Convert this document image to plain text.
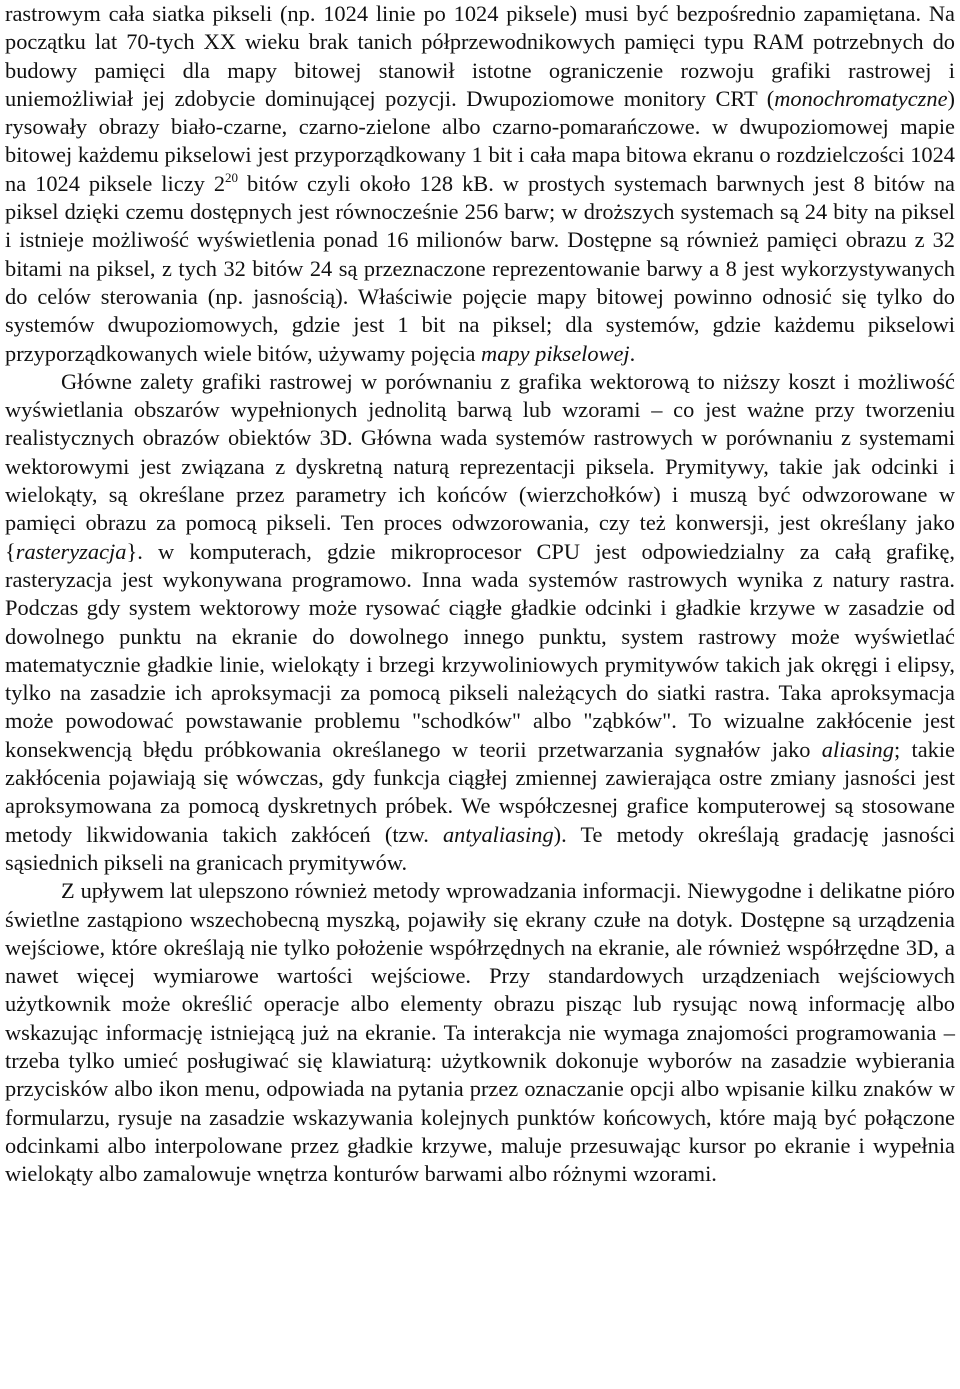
rastrowym cała siatka pikseli (np. 1024 linie po 1024 piksele) musi być bezpośrednio zapamiętana. Na początku lat 70-tych XX wieku brak tanich półprzewodnikowych pamięci typu RAM potrzebnych do budowy pamięci dla mapy bitowej stanowił istotne ograniczenie rozwoju grafiki rastrowej i uniemożliwiał jej zdobycie dominującej pozycji. Dwupoziomowe monitory CRT (monochromatyczne) rysowały obrazy biało-czarne, czarno-zielone albo czarno-pomarańczowe. w dwupoziomowej mapie bitowej każdemu pikselowi jest przyporządkowany 1 bit i cała mapa bitowa ekranu o rozdzielczości 1024 na 1024 piksele liczy $2^{20}$ bitów czyli około 128 kB. w prostych systemach barwnych jest 8 bitów na piksel dzięki czemu dostępnych jest równocześnie 256 barw; w droższych systemach są 24 bity na piksel i istnieje możliwość wyświetlenia ponad 16 milionów barw. Dostępne są również pamięci obrazu z 32 bitami na piksel, z tych 32 bitów 24 są przeznaczone reprezentowanie barwy a 8 jest wykorzystywanych do celów sterowania (np. jasnością). Właściwie pojęcie mapy bitowej powinno odnosić się tylko do systemów dwupoziomowych, gdzie jest 1 bit na piksel; dla systemów, gdzie każdemu pikselowi przyporządkowanych wiele bitów, używamy pojęcia mapy pikselowej.

Główne zalety grafiki rastrowej w porównaniu z grafika wektorową to niższy koszt i możliwość wyświetlania obszarów wypełnionych jednolitą barwą lub wzorami – co jest ważne przy tworzeniu realistycznych obrazów obiektów 3D. Główna wada systemów rastrowych w porównaniu z systemami wektorowymi jest związana z dyskretną naturą reprezentacji piksela. Prymitywy, takie jak odcinki i wielokąty, są określane przez parametry ich końców (wierzchołków) i muszą być odwzorowane w pamięci obrazu za pomocą pikseli. Ten proces odwzorowania, czy też konwersji, jest określany jako {rasteryzacja}. w komputerach, gdzie mikroprocesor CPU jest odpowiedzialny za całą grafikę, rasteryzacja jest wykonywana programowo. Inna wada systemów rastrowych wynika z natury rastra. Podczas gdy system wektorowy może rysować ciągłe gładkie odcinki i gładkie krzywe w zasadzie od dowolnego punktu na ekranie do dowolnego innego punktu, system rastrowy może wyświetlać matematycznie gładkie linie, wielokąty i brzegi krzywoliniowych prymitywów takich jak okręgi i elipsy, tylko na zasadzie ich aproksymacji za pomocą pikseli należących do siatki rastra. Taka aproksymacja może powodować powstawanie problemu "schodków" albo "ząbków". To wizualne zakłócenie jest konsekwencją błędu próbkowania określanego w teorii przetwarzania sygnałów jako aliasing; takie zakłócenia pojawiają się wówczas, gdy funkcja ciągłej zmiennej zawierająca ostre zmiany jasności jest aproksymowana za pomocą dyskretnych próbek. We współczesnej grafice komputerowej są stosowane metody likwidowania takich zakłóceń (tzw. antyaliasing). Te metody określają gradację jasności sąsiednich pikseli na granicach prymitywów.

Z upływem lat ulepszono również metody wprowadzania informacji. Niewygodne i delikatne pióro świetlne zastąpiono wszechobecną myszką, pojawiły się ekrany czułe na dotyk. Dostępne są urządzenia wejściowe, które określają nie tylko położenie współrzędnych na ekranie, ale również współrzędne 3D, a nawet więcej wymiarowe wartości wejściowe. Przy standardowych urządzeniach wejściowych użytkownik może określić operacje albo elementy obrazu pisząc lub rysując nową informację albo wskazując informację istniejącą już na ekranie. Ta interakcja nie wymaga znajomości programowania – trzeba tylko umieć posługiwać się klawiaturą: użytkownik dokonuje wyborów na zasadzie wybierania przycisków albo ikon menu, odpowiada na pytania przez oznaczanie opcji albo wpisanie kilku znaków w formularzu, rysuje na zasadzie wskazywania kolejnych punktów końcowych, które mają być połączone odcinkami albo interpolowane przez gładkie krzywe, maluje przesuwając kursor po ekranie i wypełnia wielokąty albo zamalowuje wnętrza konturów barwami albo różnymi wzorami.
